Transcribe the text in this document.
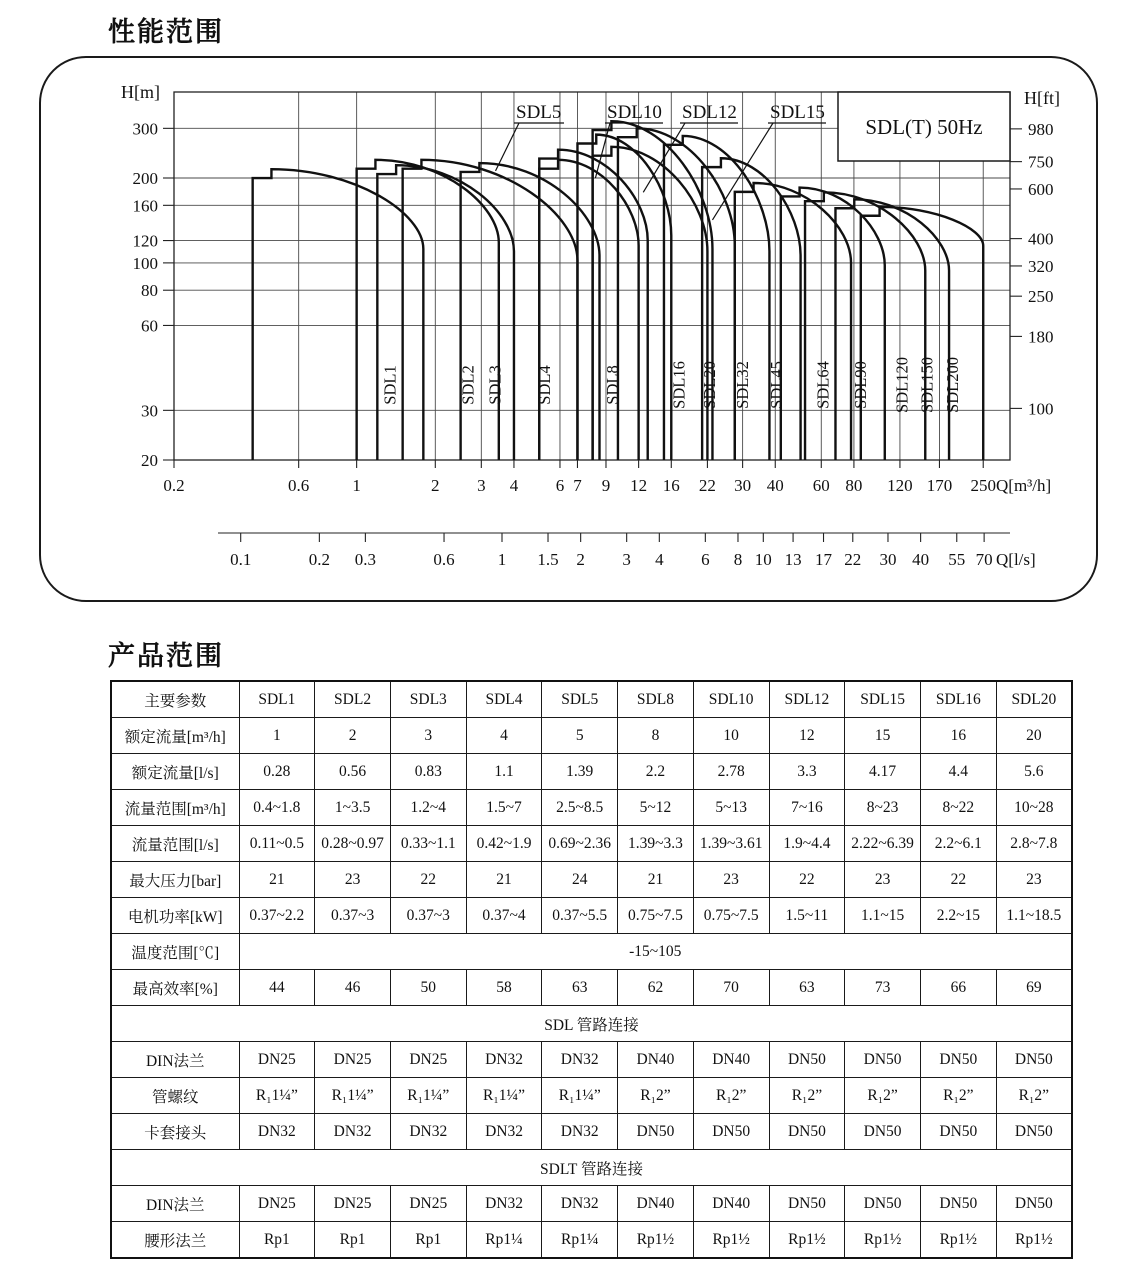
性能范围
0.2	0.6	1	2 3 4 6 7 9 12 16 22 30 40 60 80 120 170 250
300
200
160
120
100
80
60
30
20
980
750
600
400
320
250
180
100
H[m]	H[ft]
Q[m³/h]
SDL1	SDL2 SDL3 SDL4	SDL8	SDL16 SDL20 SDL32 SDL45 SDL64 SDL90 SDL120 SDL150 SDL200
SDL(T) 50Hz
SDL5 SDL10 SDL12 SDL15
0.1	0.2 0.3	0.6	1 1.5 2 3 4 6 8 10 13 17 22 30 40 55 70 Q[l/s]
产品范围
主要参数	SDL1	SDL2	SDL3	SDL4	SDL5	SDL8	SDL10	SDL12	SDL15	SDL16	SDL20
额定流量[m³/h]	1	2	3	4	5	8	10	12	15	16	20
额定流量[l/s]	0.28	0.56	0.83	1.1	1.39	2.2	2.78	3.3	4.17	4.4	5.6
流量范围[m³/h]	0.4~1.8	1~3.5	1.2~4	1.5~7	2.5~8.5	5~12	5~13	7~16	8~23	8~22	10~28
流量范围[l/s]	0.11~0.5	0.28~0.97	0.33~1.1	0.42~1.9	0.69~2.36	1.39~3.3	1.39~3.61	1.9~4.4	2.22~6.39	2.2~6.1	2.8~7.8
最大压力[bar]	21	23	22	21	24	21	23	22	23	22	23
电机功率[kW]	0.37~2.2	0.37~3	0.37~3	0.37~4	0.37~5.5	0.75~7.5	0.75~7.5	1.5~11	1.1~15	2.2~15	1.1~18.5
温度范围[℃]	-15~105										
最高效率[%]	44	46	50	58	63	62	70	63	73	66	69
SDL 管路连接											
DIN法兰	DN25	DN25	DN25	DN32	DN32	DN40	DN40	DN50	DN50	DN50	DN50
管螺纹	R₁1¼”	R₁1¼”	R₁1¼”	R₁1¼”	R₁1¼”	R₁2”	R₁2”	R₁2”	R₁2”	R₁2”	R₁2”
卡套接头	DN32	DN32	DN32	DN32	DN32	DN50	DN50	DN50	DN50	DN50	DN50
SDLT 管路连接											
DIN法兰	DN25	DN25	DN25	DN32	DN32	DN40	DN40	DN50	DN50	DN50	DN50
腰形法兰	Rp1	Rp1	Rp1	Rp1¼	Rp1¼	Rp1½	Rp1½	Rp1½	Rp1½	Rp1½	Rp1½
